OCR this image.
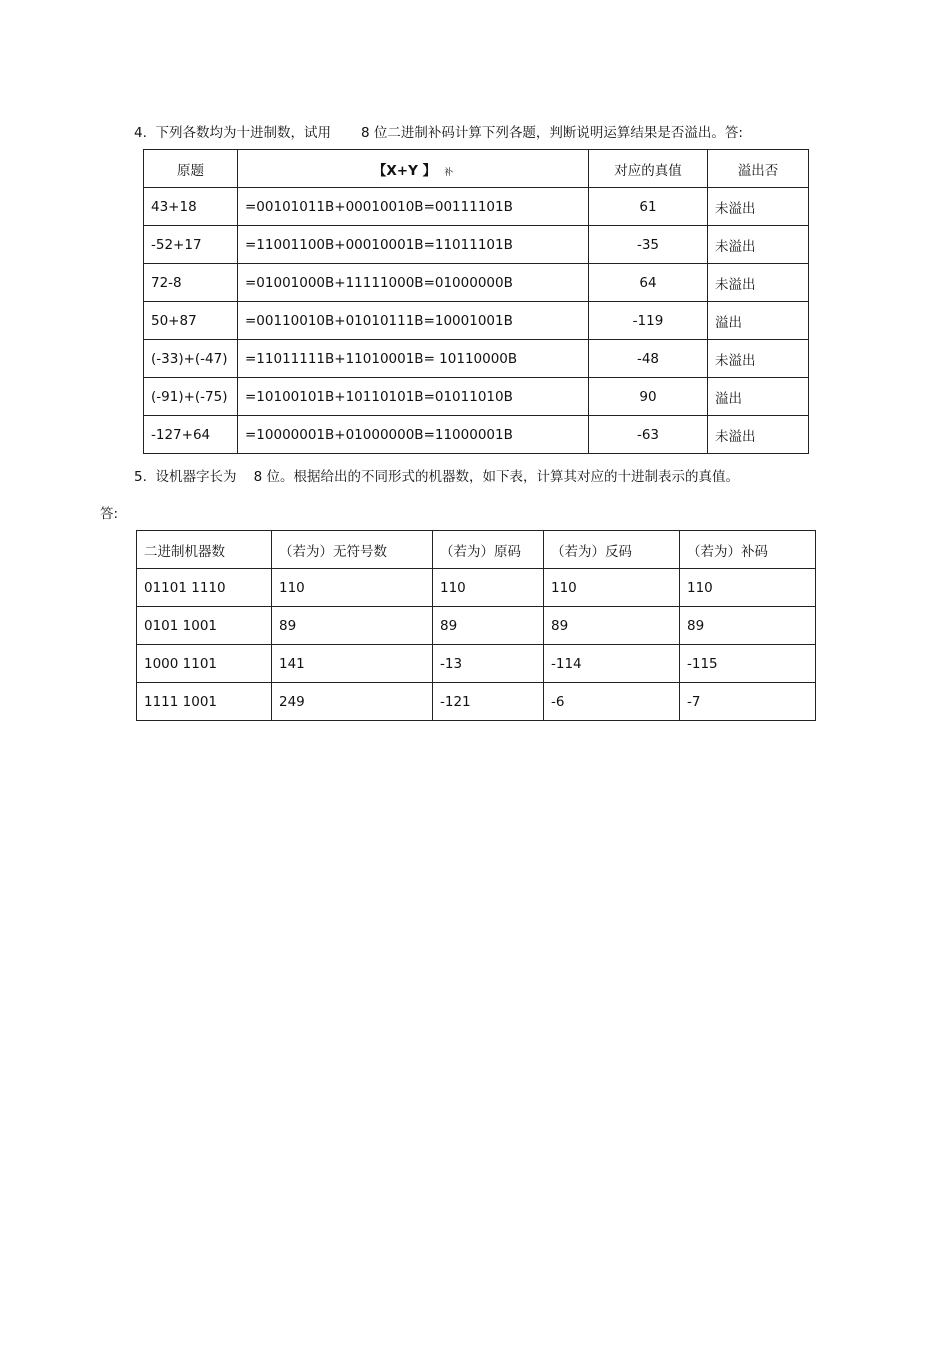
4. 下列各数均为十进制数，试用 8 位二进制补码计算下列各题，判断说明运算结果是否溢出。答:
原题	【X+Y 】 补	对应的真值	溢出否
43+18	=00101011B+00010010B=00111101B	61	未溢出
-52+17	=11001100B+00010001B=11011101B	-35	未溢出
72-8	=01001000B+11111000B=01000000B	64	未溢出
50+87	=00110010B+01010111B=10001001B	-119	溢出
(-33)+(-47)	=11011111B+11010001B= 10110000B	-48	未溢出
(-91)+(-75)	=10100101B+10110101B=01011010B	90	溢出
-127+64	=10000001B+01000000B=11000001B	-63	未溢出
5. 设机器字长为 8 位。根据给出的不同形式的机器数，如下表，计算其对应的十进制表示的真值。
答:
二进制机器数	（若为）无符号数	（若为）原码	（若为）反码	（若为）补码
01101 1110	110	110	110	110
0101 1001	89	89	89	89
1000 1101	141	-13	-114	-115
1111 1001	249	-121	-6	-7
